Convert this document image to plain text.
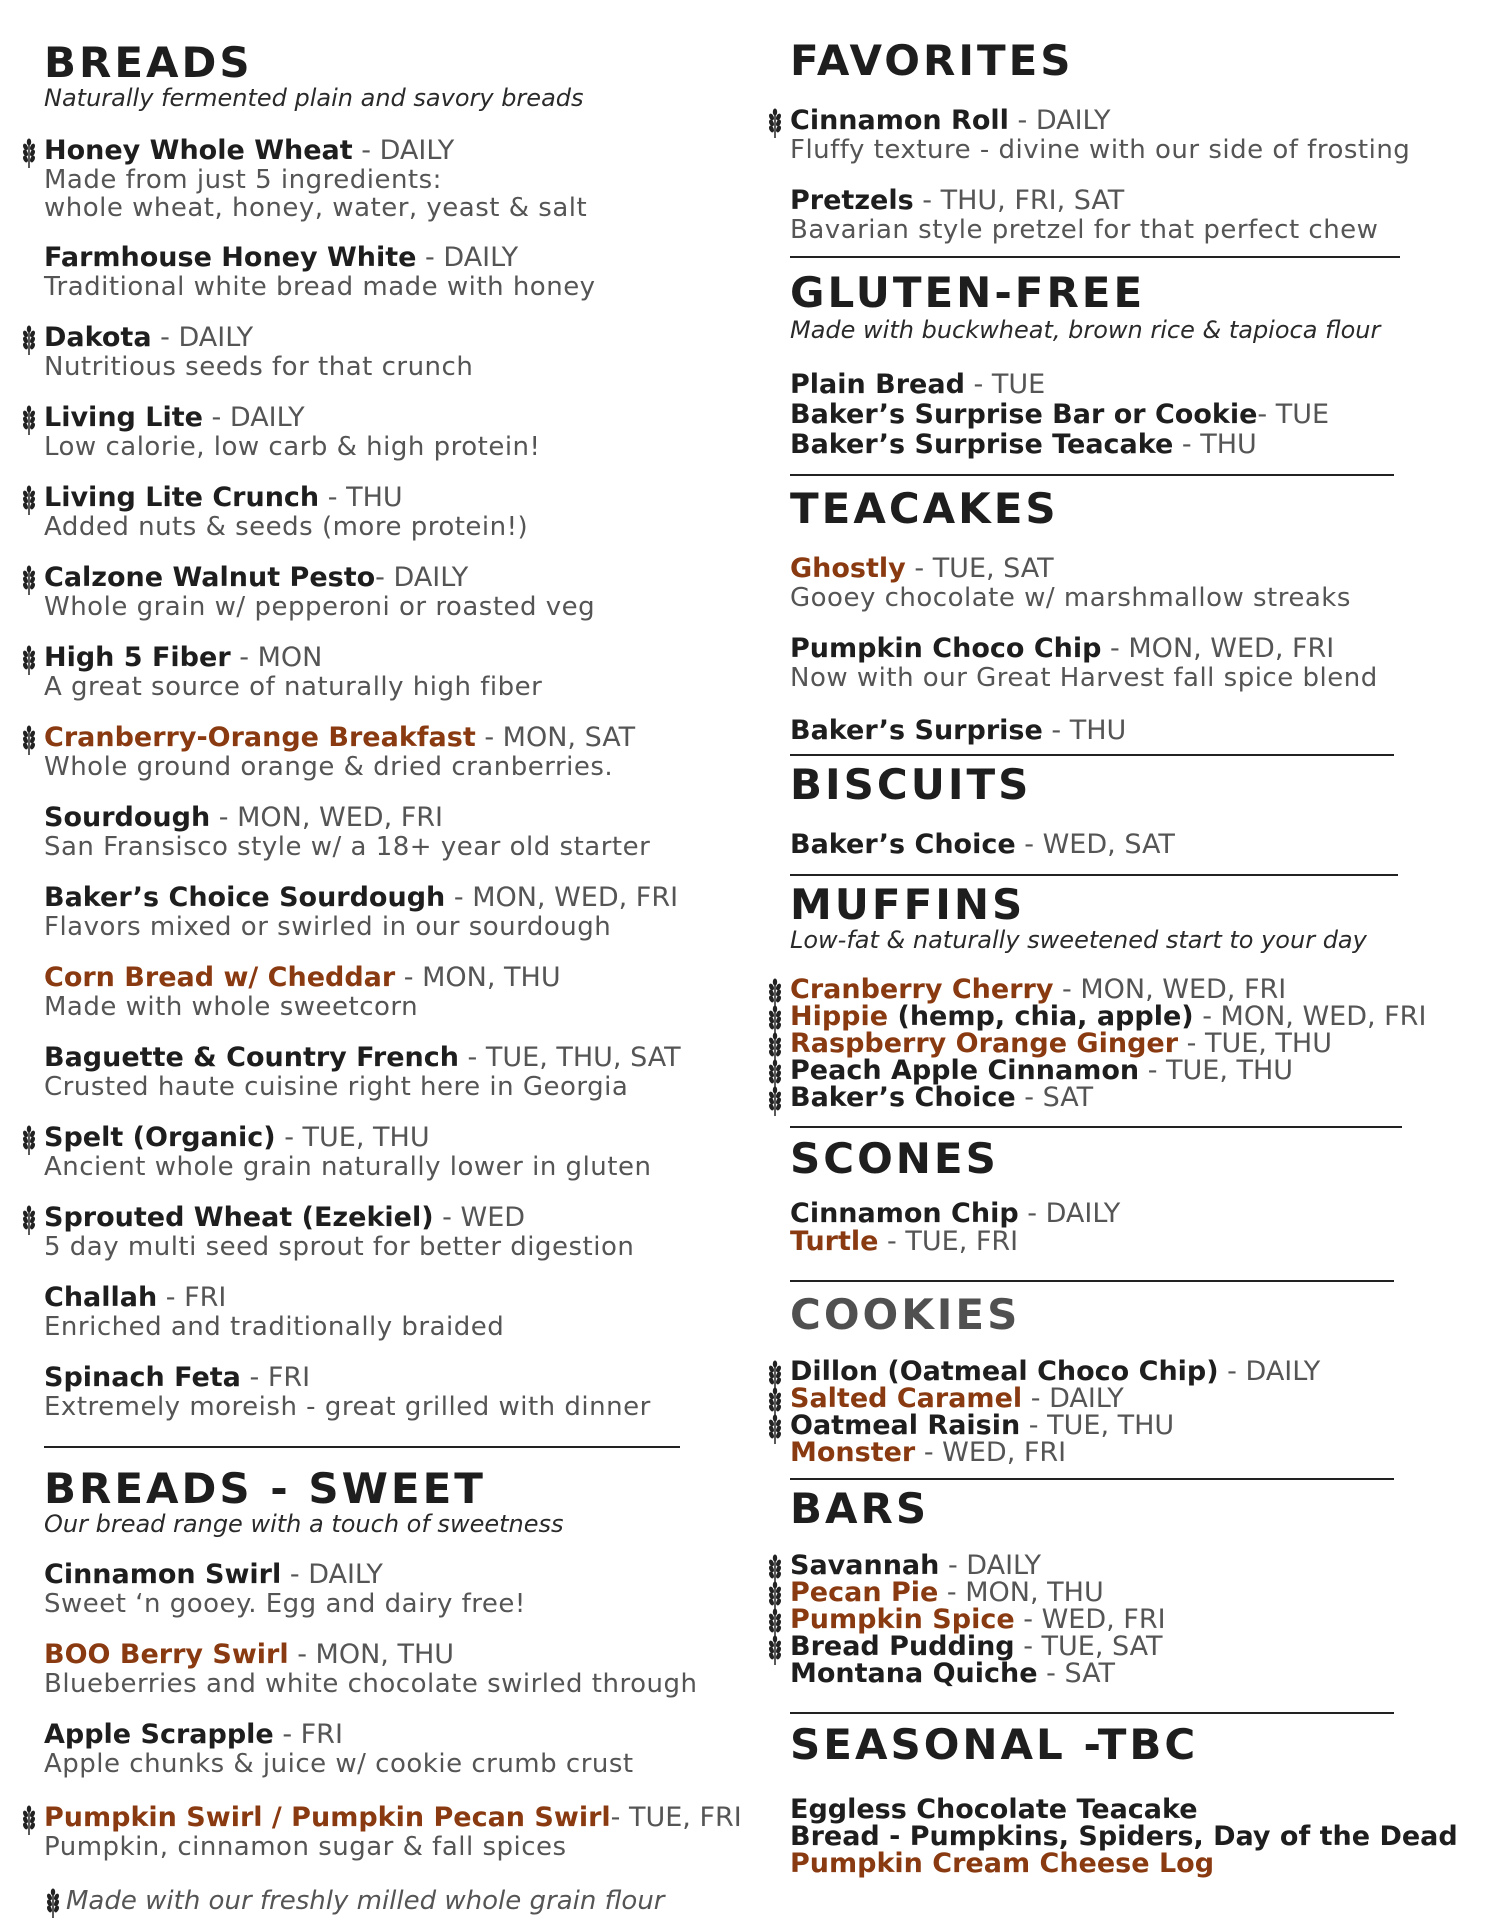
BREADS
Naturally fermented plain and savory breads
Honey Whole Wheat - DAILY
Made from just 5 ingredients:
whole wheat, honey, water, yeast & salt
Farmhouse Honey White - DAILY
Traditional white bread made with honey
Dakota - DAILY
Nutritious seeds for that crunch
Living Lite - DAILY
Low calorie, low carb & high protein!
Living Lite Crunch - THU
Added nuts & seeds (more protein!)
Calzone Walnut Pesto- DAILY
Whole grain w/ pepperoni or roasted veg
High 5 Fiber - MON
A great source of naturally high fiber
Cranberry-Orange Breakfast - MON, SAT
Whole ground orange & dried cranberries.
Sourdough - MON, WED, FRI
San Fransisco style w/ a 18+ year old starter
Baker’s Choice Sourdough - MON, WED, FRI
Flavors mixed or swirled in our sourdough
Corn Bread w/ Cheddar - MON, THU
Made with whole sweetcorn
Baguette & Country French - TUE, THU, SAT
Crusted haute cuisine right here in Georgia
Spelt (Organic) - TUE, THU
Ancient whole grain naturally lower in gluten
Sprouted Wheat (Ezekiel) - WED
5 day multi seed sprout for better digestion
Challah - FRI
Enriched and traditionally braided
Spinach Feta - FRI
Extremely moreish - great grilled with dinner
BREADS - SWEET
Our bread range with a touch of sweetness
Cinnamon Swirl - DAILY
Sweet ‘n gooey. Egg and dairy free!
BOO Berry Swirl - MON, THU
Blueberries and white chocolate swirled through
Apple Scrapple - FRI
Apple chunks & juice w/ cookie crumb crust
Pumpkin Swirl / Pumpkin Pecan Swirl- TUE, FRI
Pumpkin, cinnamon sugar & fall spices
Made with our freshly milled whole grain flour
FAVORITES
Cinnamon Roll - DAILY
Fluffy texture - divine with our side of frosting
Pretzels - THU, FRI, SAT
Bavarian style pretzel for that perfect chew
GLUTEN-FREE
Made with buckwheat, brown rice & tapioca flour
Plain Bread - TUE
Baker’s Surprise Bar or Cookie- TUE
Baker’s Surprise Teacake - THU
TEACAKES
Ghostly - TUE, SAT
Gooey chocolate w/ marshmallow streaks
Pumpkin Choco Chip - MON, WED, FRI
Now with our Great Harvest fall spice blend
Baker’s Surprise - THU
BISCUITS
Baker’s Choice - WED, SAT
MUFFINS
Low-fat & naturally sweetened start to your day
Cranberry Cherry - MON, WED, FRI
Hippie (hemp, chia, apple) - MON, WED, FRI
Raspberry Orange Ginger - TUE, THU
Peach Apple Cinnamon - TUE, THU
Baker’s Choice - SAT
SCONES
Cinnamon Chip - DAILY
Turtle - TUE, FRI
COOKIES
Dillon (Oatmeal Choco Chip) - DAILY
Salted Caramel - DAILY
Oatmeal Raisin - TUE, THU
Monster - WED, FRI
BARS
Savannah - DAILY
Pecan Pie - MON, THU
Pumpkin Spice - WED, FRI
Bread Pudding - TUE, SAT
Montana Quiche - SAT
SEASONAL -TBC
Eggless Chocolate Teacake
Bread - Pumpkins, Spiders, Day of the Dead
Pumpkin Cream Cheese Log
